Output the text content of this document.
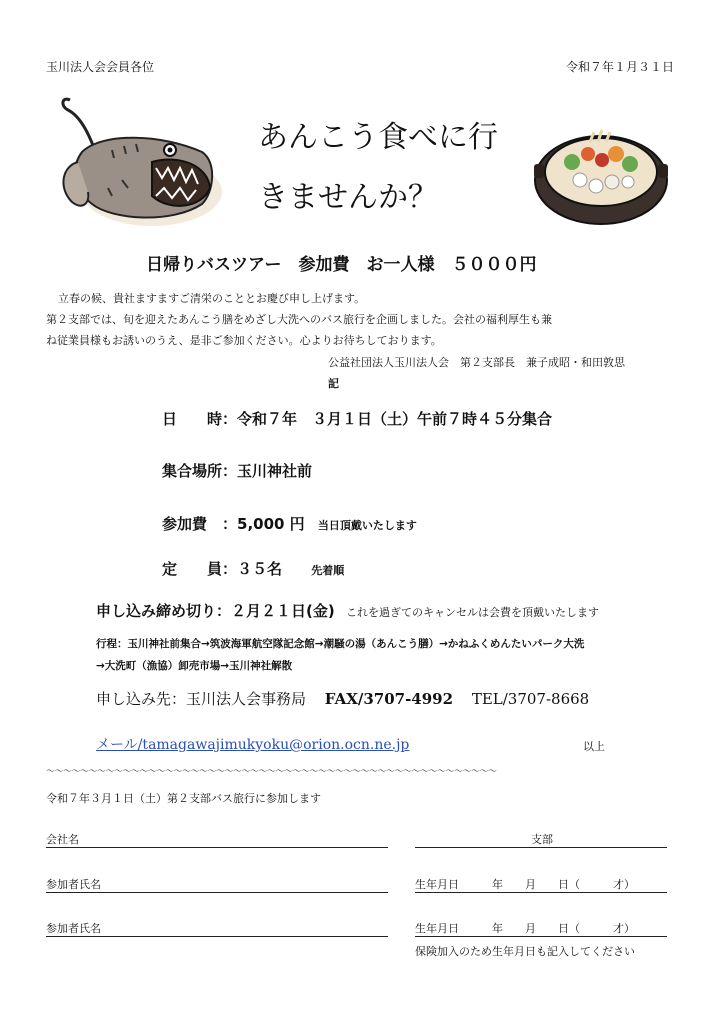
玉川法人会会員各位	令和７年１月３１日
あんこう食べに行
きませんか？
日帰りバスツアー　参加費　お一人様　５０００円
立春の候、貴社ますますご清栄のこととお慶び申し上げます。
第２支部では、旬を迎えたあんこう膳をめざし大洗へのバス旅行を企画しました。会社の福利厚生も兼
ね従業員様もお誘いのうえ、是非ご参加ください。心よりお待ちしております。
公益社団法人玉川法人会　第２支部長　兼子成昭・和田敦思
記
日　　時：令和７年　３月１日（土）午前７時４５分集合
集合場所：玉川神社前
参加費　：5,000 円 当日頂戴いたします
定　　員：３５名	先着順
申し込み締め切り：２月２１日(金) これを過ぎてのキャンセルは会費を頂戴いたします
行程：玉川神社前集合→筑波海軍航空隊記念館→潮騒の湯（あんこう膳）→かねふくめんたいパーク大洗
→大洗町（漁協）卸売市場→玉川神社解散
申し込み先：玉川法人会事務局 FAX/3707-4992 TEL/3707-8668
メール/tamagawajimukyoku@orion.ocn.ne.jp	以上
～～～～～～～～～～～～～～～～～～～～～～～～～～～～～～～～～～～～～～～～～～～～～～～～～～～～～
令和７年３月１日（土）第２支部バス旅行に参加します
会社名	支部
参加者氏名	生年月日　　　年　　月　　日（　　　才）
参加者氏名	生年月日　　　年　　月　　日（　　　才）
保険加入のため生年月日も記入してください
